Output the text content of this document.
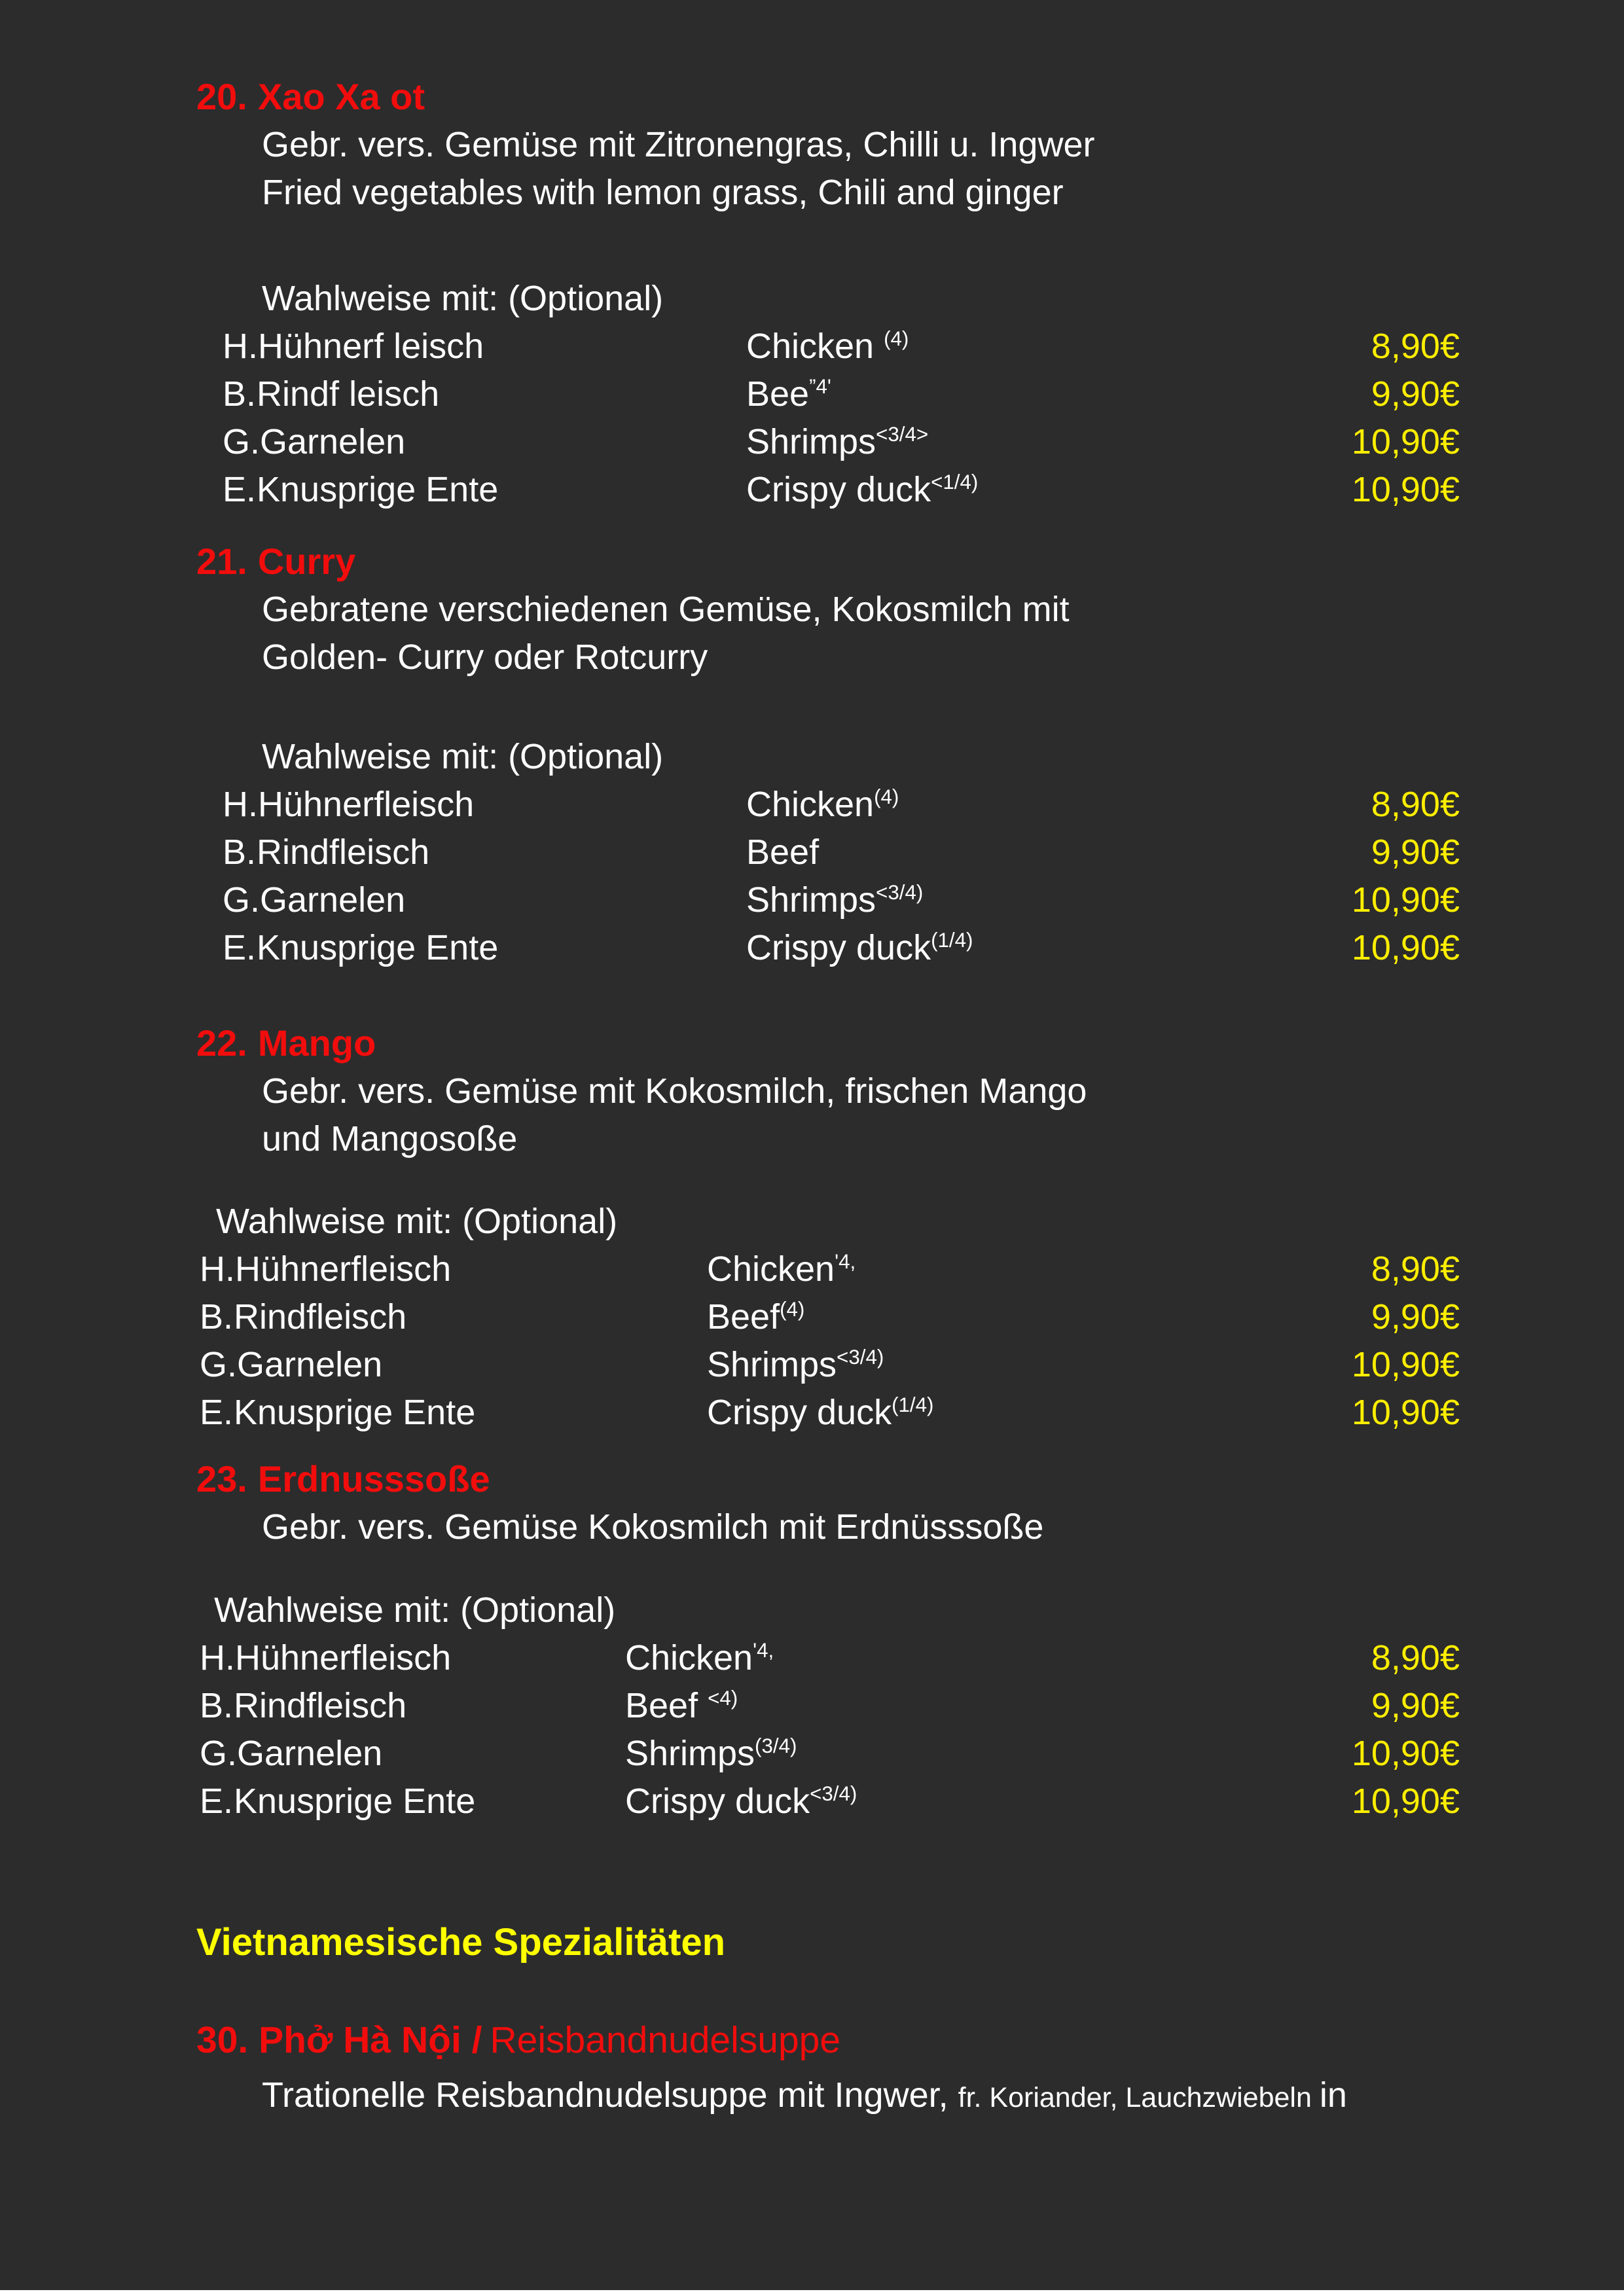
20. Xao Xa ot
Gebr. vers. Gemüse mit Zitronengras, Chilli u. Ingwer
Fried vegetables with lemon grass, Chili and ginger
Wahlweise mit: (Optional)
H.Hühnerf leisch	Chicken $^{(4)}$	8,90€
B.Rindf leisch	Bee$^{”4'}$	9,90€
G.Garnelen	Shrimps$^{<3/4>}$	10,90€
E.Knusprige Ente	Crispy duck$^{<1/4)}$	10,90€
21. Curry
Gebratene verschiedenen Gemüse, Kokosmilch mit
Golden- Curry oder Rotcurry
Wahlweise mit: (Optional)
H.Hühnerfleisch	Chicken$^{(4)}$	8,90€
B.Rindfleisch	Beef	9,90€
G.Garnelen	Shrimps$^{<3/4)}$	10,90€
E.Knusprige Ente	Crispy duck$^{(1/4)}$	10,90€
22. Mango
Gebr. vers. Gemüse mit Kokosmilch, frischen Mango
und Mangosoße
Wahlweise mit: (Optional)
H.Hühnerfleisch	Chicken$^{'4,}$	8,90€
B.Rindfleisch	Beef$^{(4)}$	9,90€
G.Garnelen	Shrimps$^{<3/4)}$	10,90€
E.Knusprige Ente	Crispy duck$^{(1/4)}$	10,90€
23. Erdnusssoße
Gebr. vers. Gemüse Kokosmilch mit Erdnüsssoße
Wahlweise mit: (Optional)
H.Hühnerfleisch	Chicken$^{'4,}$	8,90€
B.Rindfleisch	Beef $^{<4)}$	9,90€
G.Garnelen	Shrimps$^{(3/4)}$	10,90€
E.Knusprige Ente	Crispy duck$^{<3/4)}$	10,90€
Vietnamesische Spezialitäten
30. Phở Hà Nội / Reisbandnudelsuppe
Trationelle Reisbandnudelsuppe mit Ingwer, fr. Koriander, Lauchzwiebeln in
